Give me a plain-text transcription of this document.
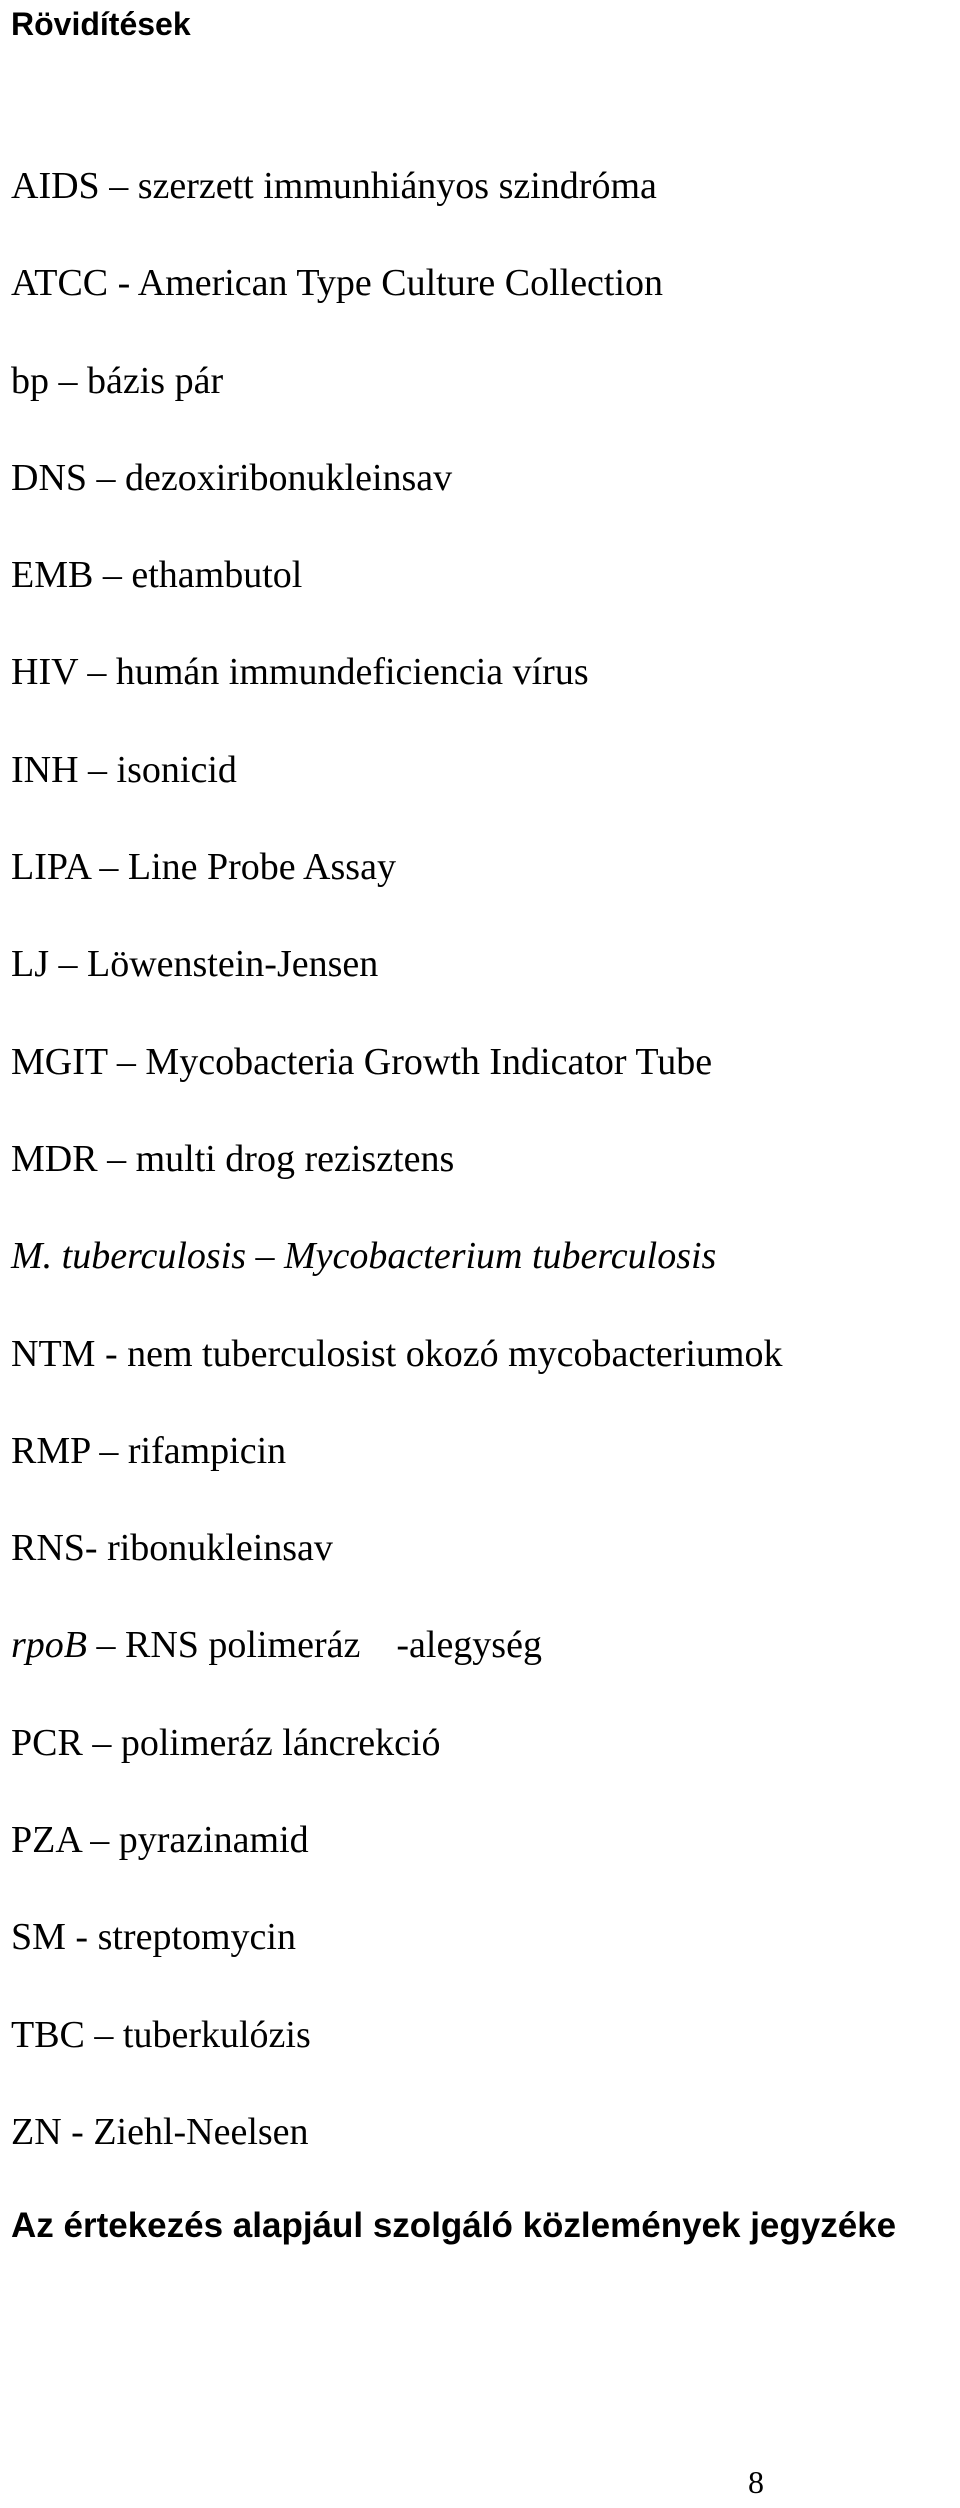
Rövidítések
AIDS – szerzett immunhiányos szindróma
ATCC - American Type Culture Collection
bp – bázis pár
DNS – dezoxiribonukleinsav
EMB – ethambutol
HIV – humán immundeficiencia vírus
INH – isonicid
LIPA – Line Probe Assay
LJ – Löwenstein-Jensen
MGIT – Mycobacteria Growth Indicator Tube
MDR – multi drog rezisztens
M. tuberculosis – Mycobacterium tuberculosis
NTM - nem tuberculosist okozó mycobacteriumok
RMP – rifampicin
RNS- ribonukleinsav
rpoB – RNS polimeráz -alegység
PCR – polimeráz láncrekció
PZA – pyrazinamid
SM - streptomycin
TBC – tuberkulózis
ZN - Ziehl-Neelsen
Az értekezés alapjául szolgáló közlemények jegyzéke
8
